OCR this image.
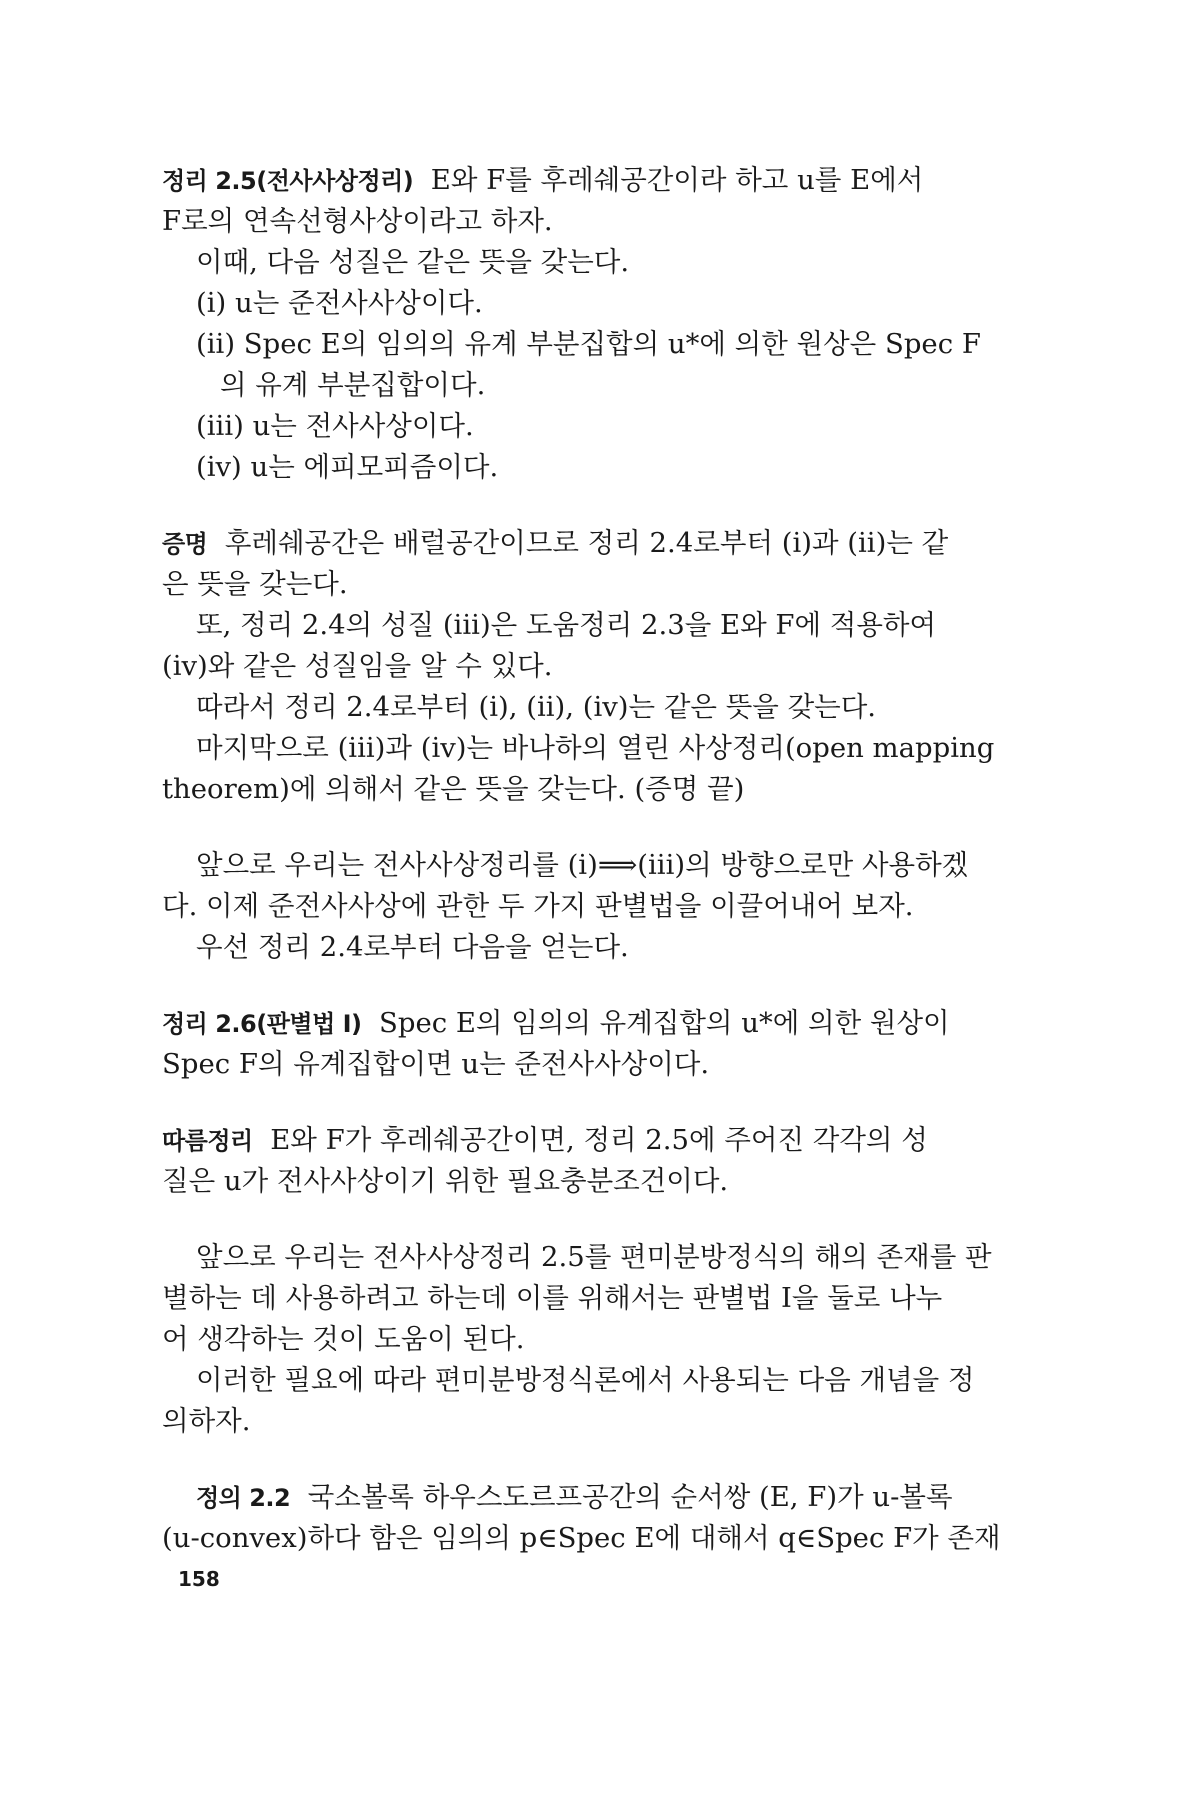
정리 2.5(전사사상정리) E와 F를 후레쉐공간이라 하고 u를 E에서
F로의 연속선형사상이라고 하자.
이때, 다음 성질은 같은 뜻을 갖는다.
(i) u는 준전사사상이다.
(ii) Spec E의 임의의 유계 부분집합의 u*에 의한 원상은 Spec F
의 유계 부분집합이다.
(iii) u는 전사사상이다.
(iv) u는 에피모피즘이다.
증명 후레쉐공간은 배럴공간이므로 정리 2.4로부터 (i)과 (ii)는 같
은 뜻을 갖는다.
또, 정리 2.4의 성질 (iii)은 도움정리 2.3을 E와 F에 적용하여
(iv)와 같은 성질임을 알 수 있다.
따라서 정리 2.4로부터 (i), (ii), (iv)는 같은 뜻을 갖는다.
마지막으로 (iii)과 (iv)는 바나하의 열린 사상정리(open mapping
theorem)에 의해서 같은 뜻을 갖는다. (증명 끝)
앞으로 우리는 전사사상정리를 (i)⟹(iii)의 방향으로만 사용하겠
다. 이제 준전사사상에 관한 두 가지 판별법을 이끌어내어 보자.
우선 정리 2.4로부터 다음을 얻는다.
정리 2.6(판별법 I) Spec E의 임의의 유계집합의 u*에 의한 원상이
Spec F의 유계집합이면 u는 준전사사상이다.
따름정리 E와 F가 후레쉐공간이면, 정리 2.5에 주어진 각각의 성
질은 u가 전사사상이기 위한 필요충분조건이다.
앞으로 우리는 전사사상정리 2.5를 편미분방정식의 해의 존재를 판
별하는 데 사용하려고 하는데 이를 위해서는 판별법 I을 둘로 나누
어 생각하는 것이 도움이 된다.
이러한 필요에 따라 편미분방정식론에서 사용되는 다음 개념을 정
의하자.
정의 2.2 국소볼록 하우스도르프공간의 순서쌍 (E, F)가 u-볼록
(u-convex)하다 함은 임의의 p∈Spec E에 대해서 q∈Spec F가 존재
158
